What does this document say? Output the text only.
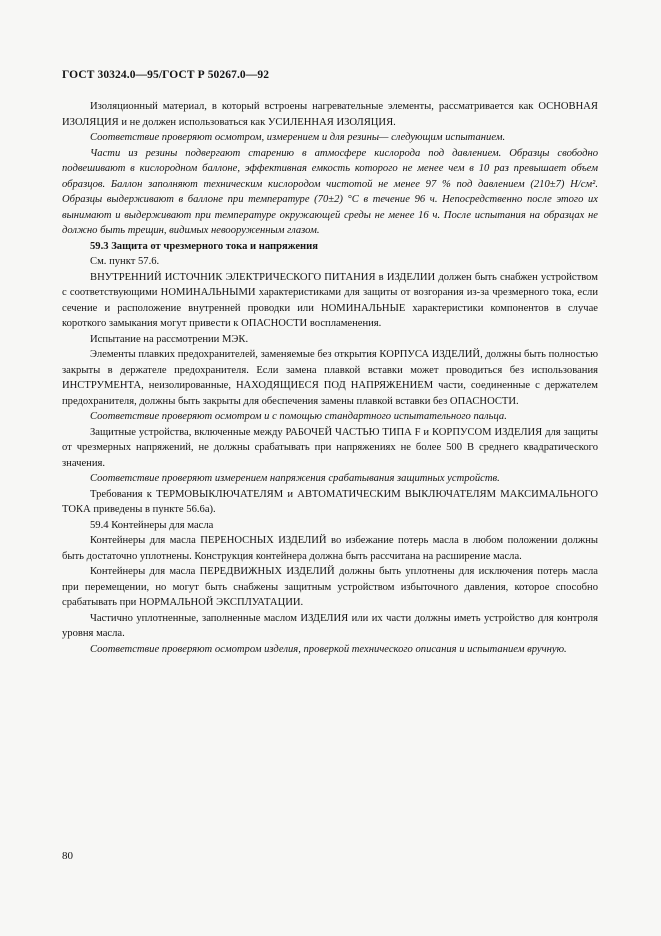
ГОСТ 30324.0—95/ГОСТ Р 50267.0—92

Изоляционный материал, в который встроены нагревательные элементы, рассматривается как ОСНОВНАЯ ИЗОЛЯЦИЯ и не должен использоваться как УСИЛЕННАЯ ИЗОЛЯЦИЯ.

Соответствие проверяют осмотром, измерением и для резины— следующим испытанием.

Части из резины подвергают старению в атмосфере кислорода под давлением. Образцы свободно подвешивают в кислородном баллоне, эффективная емкость которого не менее чем в 10 раз превышает объем образцов. Баллон заполняют техническим кислородом чистотой не менее 97 % под давлением (210±7) Н/см². Образцы выдерживают в баллоне при температуре (70±2) °С в течение 96 ч. Непосредственно после этого их вынимают и выдерживают при температуре окружающей среды не менее 16 ч. После испытания на образцах не должно быть трещин, видимых невооруженным глазом.

59.3 Защита от чрезмерного тока и напряжения

См. пункт 57.6.

ВНУТРЕННИЙ ИСТОЧНИК ЭЛЕКТРИЧЕСКОГО ПИТАНИЯ в ИЗДЕЛИИ должен быть снабжен устройством с соответствующими НОМИНАЛЬНЫМИ характеристиками для защиты от возгорания из-за чрезмерного тока, если сечение и расположение внутренней проводки или НОМИНАЛЬНЫЕ характеристики компонентов в случае короткого замыкания могут привести к ОПАСНОСТИ воспламенения.

Испытание на рассмотрении МЭК.

Элементы плавких предохранителей, заменяемые без открытия КОРПУСА ИЗДЕЛИЙ, должны быть полностью закрыты в держателе предохранителя. Если замена плавкой вставки может проводиться без использования ИНСТРУМЕНТА, неизолированные, НАХОДЯЩИЕСЯ ПОД НАПРЯЖЕНИЕМ части, соединенные с держателем предохранителя, должны быть закрыты для обеспечения замены плавкой вставки без ОПАСНОСТИ.

Соответствие проверяют осмотром и с помощью стандартного испытательного пальца.

Защитные устройства, включенные между РАБОЧЕЙ ЧАСТЬЮ ТИПА F и КОРПУСОМ ИЗДЕЛИЯ для защиты от чрезмерных напряжений, не должны срабатывать при напряжениях не более 500 В среднего квадратического значения.

Соответствие проверяют измерением напряжения срабатывания защитных устройств.

Требования к ТЕРМОВЫКЛЮЧАТЕЛЯМ и АВТОМАТИЧЕСКИМ ВЫКЛЮЧАТЕЛЯМ МАКСИМАЛЬНОГО ТОКА приведены в пункте 56.6а).

59.4 Контейнеры для масла

Контейнеры для масла ПЕРЕНОСНЫХ ИЗДЕЛИЙ во избежание потерь масла в любом положении должны быть достаточно уплотнены. Конструкция контейнера должна быть рассчитана на расширение масла.

Контейнеры для масла ПЕРЕДВИЖНЫХ ИЗДЕЛИЙ должны быть уплотнены для исключения потерь масла при перемещении, но могут быть снабжены защитным устройством избыточного давления, которое способно срабатывать при НОРМАЛЬНОЙ ЭКСПЛУАТАЦИИ.

Частично уплотненные, заполненные маслом ИЗДЕЛИЯ или их части должны иметь устройство для контроля уровня масла.

Соответствие проверяют осмотром изделия, проверкой технического описания и испытанием вручную.

80
